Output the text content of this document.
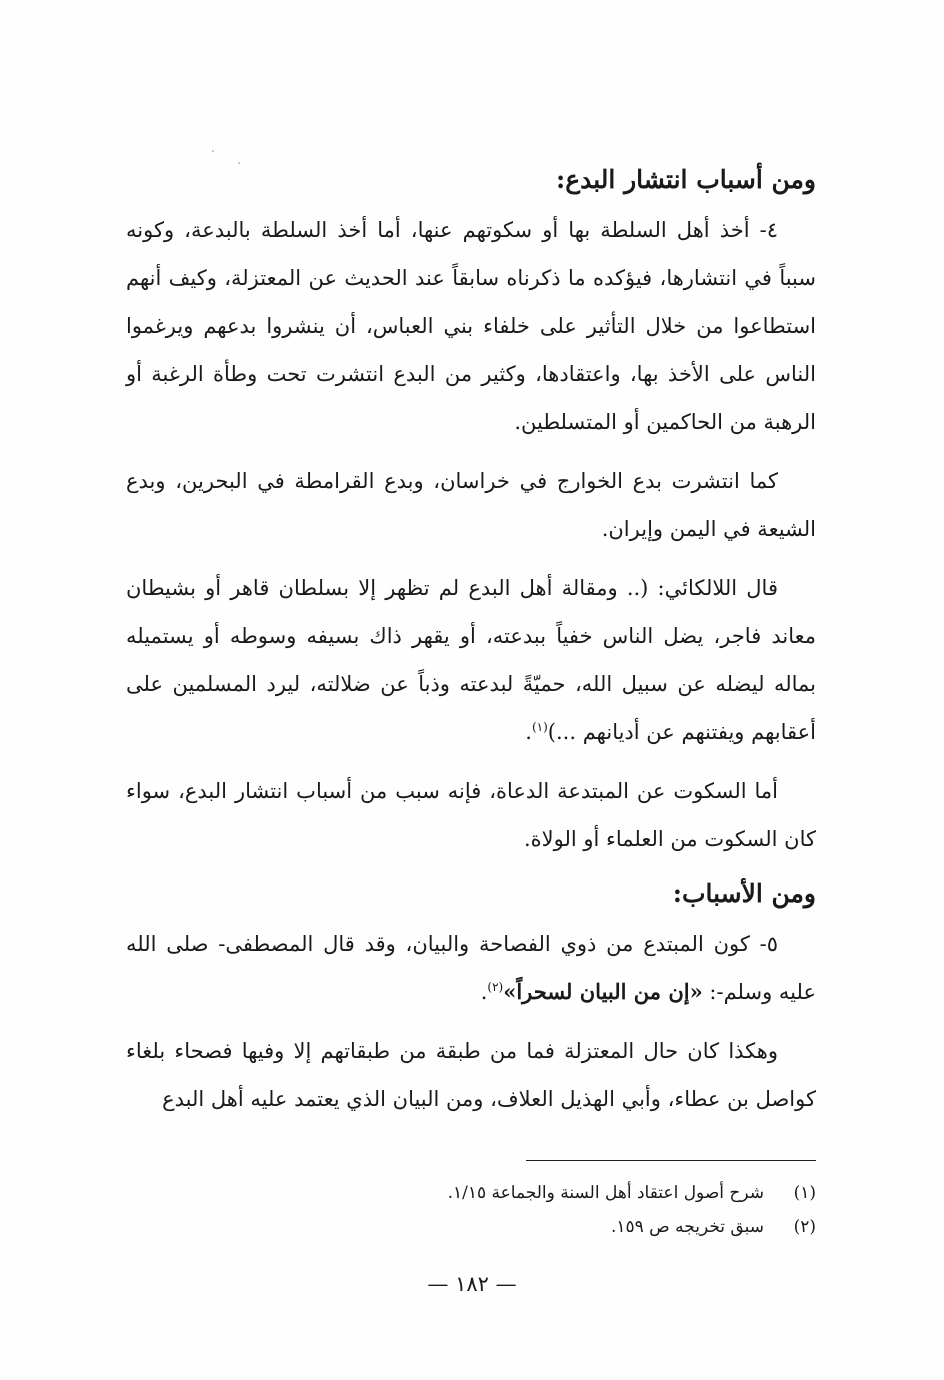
ومن أسباب انتشار البدع:

٤- أخذ أهل السلطة بها أو سكوتهم عنها، أما أخذ السلطة بالبدعة، وكونه سبباً في انتشارها، فيؤكده ما ذكرناه سابقاً عند الحديث عن المعتزلة، وكيف أنهم استطاعوا من خلال التأثير على خلفاء بني العباس، أن ينشروا بدعهم ويرغموا الناس على الأخذ بها، واعتقادها، وكثير من البدع انتشرت تحت وطأة الرغبة أو الرهبة من الحاكمين أو المتسلطين.

كما انتشرت بدع الخوارج في خراسان، وبدع القرامطة في البحرين، وبدع الشيعة في اليمن وإيران.

قال اللالكائي: (.. ومقالة أهل البدع لم تظهر إلا بسلطان قاهر أو بشيطان معاند فاجر، يضل الناس خفياً ببدعته، أو يقهر ذاك بسيفه وسوطه أو يستميله بماله ليضله عن سبيل الله، حميّةً لبدعته وذباً عن ضلالته، ليرد المسلمين على أعقابهم ويفتنهم عن أديانهم ...)$^{(١)}$.

أما السكوت عن المبتدعة الدعاة، فإنه سبب من أسباب انتشار البدع، سواء كان السكوت من العلماء أو الولاة.

ومن الأسباب:

٥- كون المبتدع من ذوي الفصاحة والبيان، وقد قال المصطفى- صلى الله عليه وسلم-: «إن من البيان لسحراً»$^{(٢)}$.

وهكذا كان حال المعتزلة فما من طبقة من طبقاتهم إلا وفيها فصحاء بلغاء كواصل بن عطاء، وأبي الهذيل العلاف، ومن البيان الذي يعتمد عليه أهل البدع

(١)
شرح أصول اعتقاد أهل السنة والجماعة ١/١٥.
(٢)
سبق تخريجه ص ١٥٩.
— ١٨٢ —
